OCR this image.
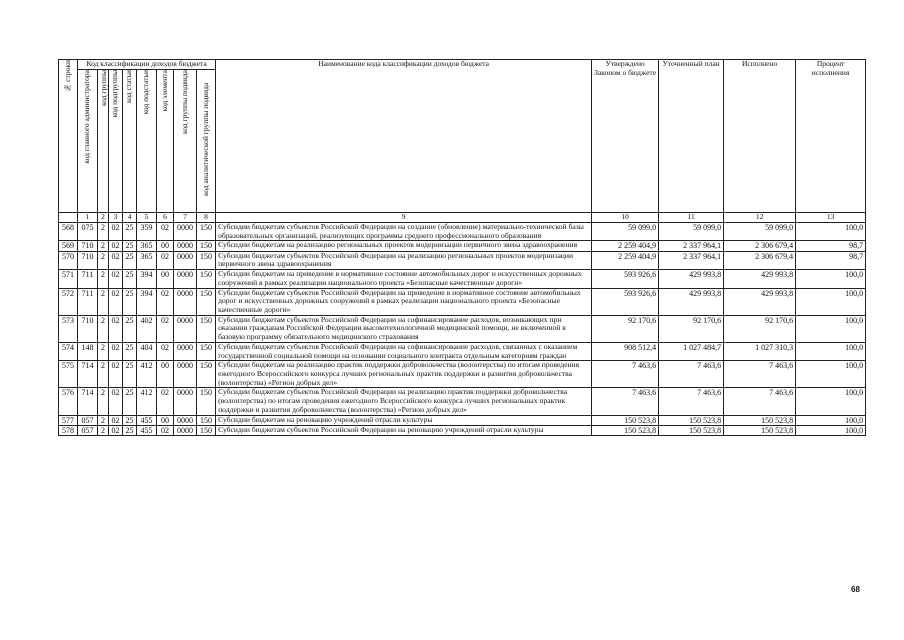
№ строки	Код классификации доходов бюджета								Наименование кода классификации доходов бюджета	Утверждено Законом о бюджете	Уточненный план	Исполнено	Процент исполнения

	код главного администратора	код группы	код подгруппы	код статьи	код подстатьи	код элемента	код группы подвида	код аналитической группы подвида					

	1	2	3	4	5	6	7	8	9	10	11	12	13
568	075	2	02	25	359	02	0000	150	Субсидии бюджетам субъектов Российской Федерации на создание (обновление) материально-технической базы образовательных организаций, реализующих программы среднего профессионального образования	59 099,0	59 099,0	59 099,0	100,0
569	710	2	02	25	365	00	0000	150	Субсидии бюджетам на реализацию региональных проектов модернизации первичного звена здравоохранения	2 259 404,9	2 337 964,1	2 306 679,4	98,7
570	710	2	02	25	365	02	0000	150	Субсидии бюджетам субъектов Российской Федерации на реализацию региональных проектов модернизации первичного звена здравоохранения	2 259 404,9	2 337 964,1	2 306 679,4	98,7
571	711	2	02	25	394	00	0000	150	Субсидии бюджетам на приведение в нормативное состояние автомобильных дорог и искусственных дорожных сооружений в рамках реализации национального проекта «Безопасные качественные дороги»	593 926,6	429 993,8	429 993,8	100,0
572	711	2	02	25	394	02	0000	150	Субсидии бюджетам субъектов Российской Федерации на приведение в нормативное состояние автомобильных дорог и искусственных дорожных сооружений в рамках реализации национального проекта «Безопасные качественные дороги»	593 926,6	429 993,8	429 993,8	100,0
573	710	2	02	25	402	02	0000	150	Субсидии бюджетам субъектов Российской Федерации на софинансирование расходов, возникающих при оказании гражданам Российской Федерации высокотехнологичной медицинской помощи, не включенной в базовую программу обязательного медицинского страхования	92 170,6	92 170,6	92 170,6	100,0
574	148	2	02	25	404	02	0000	150	Субсидии бюджетам субъектов Российской Федерации на софинансирование расходов, связанных с оказанием государственной социальной помощи на основании социального контракта отдельным категориям граждан	908 512,4	1 027 484,7	1 027 310,3	100,0
575	714	2	02	25	412	00	0000	150	Субсидии бюджетам на реализацию практик поддержки добровольчества (волонтерства) по итогам проведения ежегодного Всероссийского конкурса лучших региональных практик поддержки и развития добровольчества (волонтерства) «Регион добрых дел»	7 463,6	7 463,6	7 463,6	100,0
576	714	2	02	25	412	02	0000	150	Субсидии бюджетам субъектов Российской Федерации на реализацию практик поддержки добровольчества (волонтерства) по итогам проведения ежегодного Всероссийского конкурса лучших региональных практик поддержки и развития добровольчества (волонтерства) «Регион добрых дел»	7 463,6	7 463,6	7 463,6	100,0
577	057	2	02	25	455	00	0000	150	Субсидии бюджетам на реновацию учреждений отрасли культуры	150 523,8	150 523,8	150 523,8	100,0
578	057	2	02	25	455	02	0000	150	Субсидии бюджетам субъектов Российской Федерации на реновацию учреждений отрасли культуры	150 523,8	150 523,8	150 523,8	100,0
68
